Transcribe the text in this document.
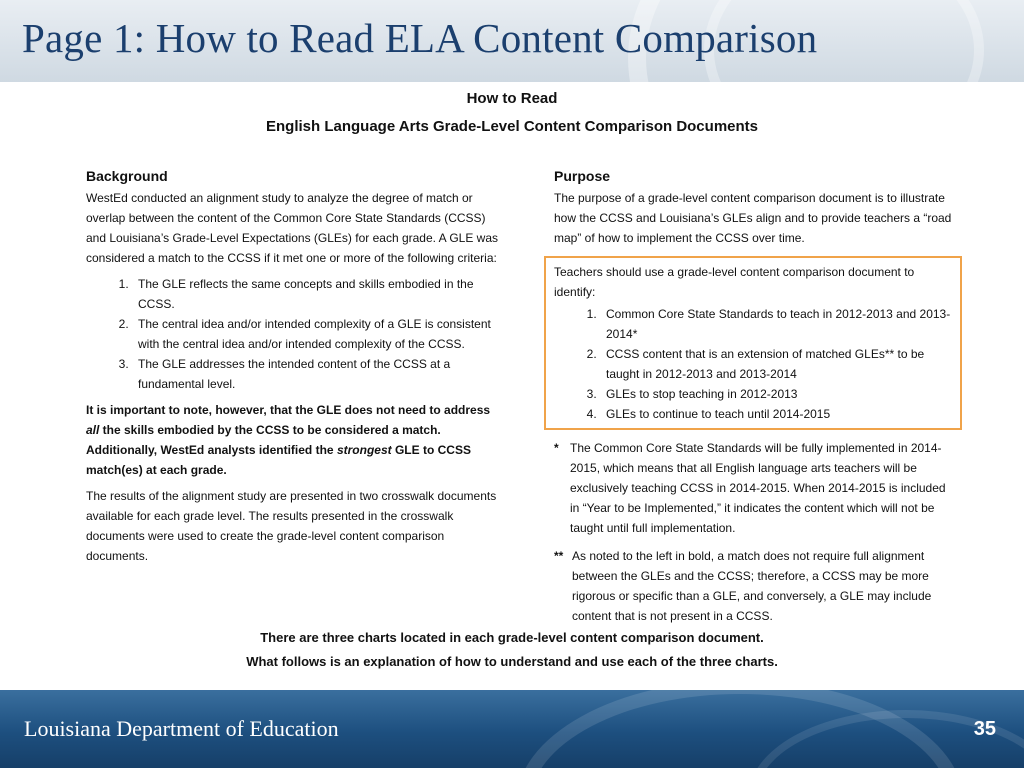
Page 1: How to Read ELA Content Comparison
How to Read
English Language Arts Grade-Level Content Comparison Documents
Background

WestEd conducted an alignment study to analyze the degree of match or overlap between the content of the Common Core State Standards (CCSS) and Louisiana’s Grade-Level Expectations (GLEs) for each grade. A GLE was considered a match to the CCSS if it met one or more of the following criteria:

1. The GLE reflects the same concepts and skills embodied in the CCSS.
2. The central idea and/or intended complexity of a GLE is consistent with the central idea and/or intended complexity of the CCSS.
3. The GLE addresses the intended content of the CCSS at a fundamental level.

It is important to note, however, that the GLE does not need to address all the skills embodied by the CCSS to be considered a match. Additionally, WestEd analysts identified the strongest GLE to CCSS match(es) at each grade.

The results of the alignment study are presented in two crosswalk documents available for each grade level. The results presented in the crosswalk documents were used to create the grade-level content comparison documents.

Purpose

The purpose of a grade-level content comparison document is to illustrate how the CCSS and Louisiana’s GLEs align and to provide teachers a “road map” of how to implement the CCSS over time.

Teachers should use a grade-level content comparison document to identify:
1. Common Core State Standards to teach in 2012-2013 and 2013-2014*
2. CCSS content that is an extension of matched GLEs** to be taught in 2012-2013 and 2013-2014
3. GLEs to stop teaching in 2012-2013
4. GLEs to continue to teach until 2014-2015
* The Common Core State Standards will be fully implemented in 2014-2015, which means that all English language arts teachers will be exclusively teaching CCSS in 2014-2015. When 2014-2015 is included in “Year to be Implemented,” it indicates the content which will not be taught until full implementation.
** As noted to the left in bold, a match does not require full alignment between the GLEs and the CCSS; therefore, a CCSS may be more rigorous or specific than a GLE, and conversely, a GLE may include content that is not present in a CCSS.
There are three charts located in each grade-level content comparison document.
What follows is an explanation of how to understand and use each of the three charts.

Louisiana Department of Education	35
